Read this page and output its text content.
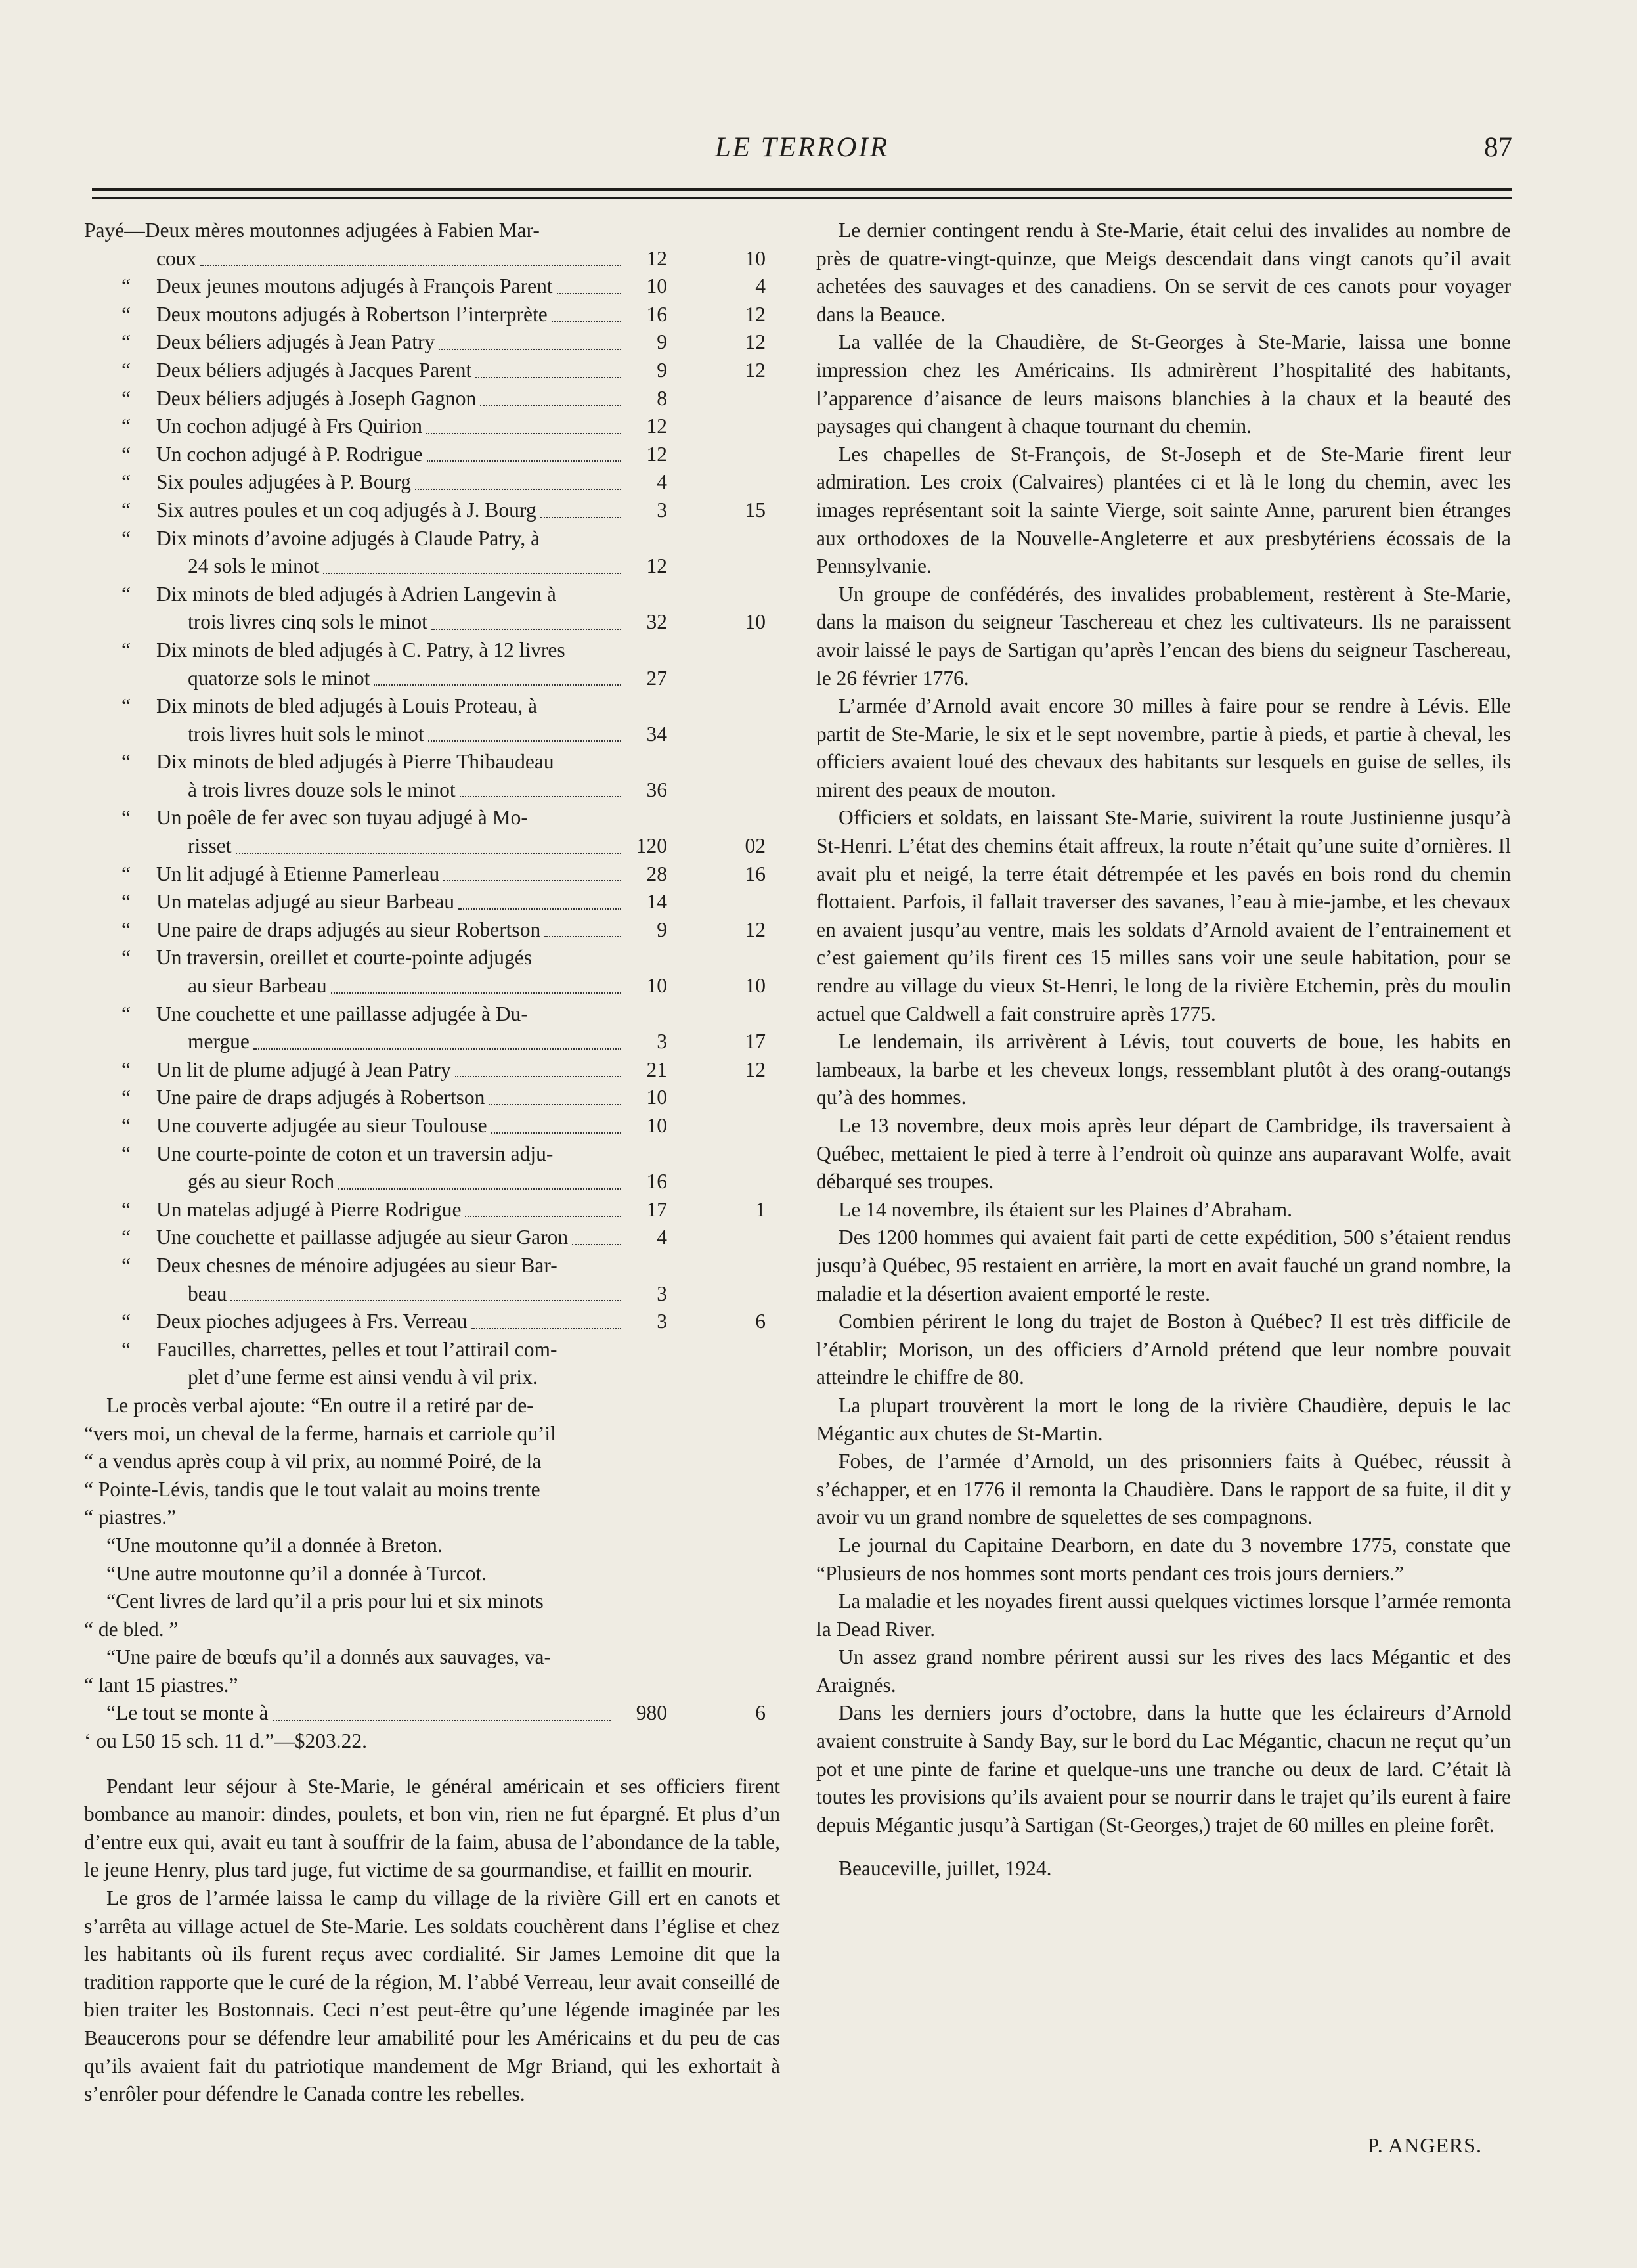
LE TERROIR	87
Payé—Deux mères moutonnes adjugées à Fabien Mar-
coux	12	10
“	Deux jeunes moutons adjugés à François Parent	10	4
“	Deux moutons adjugés à Robertson l’interprète	16	12
“	Deux béliers adjugés à Jean Patry	9	12
“	Deux béliers adjugés à Jacques Parent	9	12
“	Deux béliers adjugés à Joseph Gagnon	8
“	Un cochon adjugé à Frs Quirion	12
“	Un cochon adjugé à P. Rodrigue	12
“	Six poules adjugées à P. Bourg	4
“	Six autres poules et un coq adjugés à J. Bourg	3	15
“	Dix minots d’avoine adjugés à Claude Patry, à
24 sols le minot	12
“	Dix minots de bled adjugés à Adrien Langevin à
trois livres cinq sols le minot	32	10
“	Dix minots de bled adjugés à C. Patry, à 12 livres
quatorze sols le minot	27
“	Dix minots de bled adjugés à Louis Proteau, à
trois livres huit sols le minot	34
“	Dix minots de bled adjugés à Pierre Thibaudeau
à trois livres douze sols le minot	36
“	Un poêle de fer avec son tuyau adjugé à Mo-
risset	120	02
“	Un lit adjugé à Etienne Pamerleau	28	16
“	Un matelas adjugé au sieur Barbeau	14
“	Une paire de draps adjugés au sieur Robertson	9	12
“	Un traversin, oreillet et courte-pointe adjugés
au sieur Barbeau	10	10
“	Une couchette et une paillasse adjugée à Du-
mergue	3	17
“	Un lit de plume adjugé à Jean Patry	21	12
“	Une paire de draps adjugés à Robertson	10
“	Une couverte adjugée au sieur Toulouse	10
“	Une courte-pointe de coton et un traversin adju-
gés au sieur Roch	16
“	Un matelas adjugé à Pierre Rodrigue	17	1
“	Une couchette et paillasse adjugée au sieur Garon	4
“	Deux chesnes de ménoire adjugées au sieur Bar-
beau	3
“	Deux pioches adjugees à Frs. Verreau	3	6
“	Faucilles, charrettes, pelles et tout l’attirail com-
plet d’une ferme est ainsi vendu à vil prix.
Le procès verbal ajoute: “En outre il a retiré par de-
“vers moi, un cheval de la ferme, harnais et carriole qu’il
“ a vendus après coup à vil prix, au nommé Poiré, de la
“ Pointe-Lévis, tandis que le tout valait au moins trente
“ piastres.”
“Une moutonne qu’il a donnée à Breton.
“Une autre moutonne qu’il a donnée à Turcot.
“Cent livres de lard qu’il a pris pour lui et six minots
“ de bled. ”
“Une paire de bœufs qu’il a donnés aux sauvages, va-
“ lant 15 piastres.”
“Le tout se monte à	980	6
‘ ou L50 15 sch. 11 d.”—$203.22.

Pendant leur séjour à Ste-Marie, le général américain et ses officiers firent bombance au manoir: dindes, poulets, et bon vin, rien ne fut épargné. Et plus d’un d’entre eux qui, avait eu tant à souffrir de la faim, abusa de l’abondance de la table, le jeune Henry, plus tard juge, fut victime de sa gourmandise, et faillit en mourir.

Le gros de l’armée laissa le camp du village de la rivière Gill ert en canots et s’arrêta au village actuel de Ste-Marie. Les soldats couchèrent dans l’église et chez les habitants où ils furent reçus avec cordialité. Sir James Lemoine dit que la tradition rapporte que le curé de la région, M. l’abbé Verreau, leur avait conseillé de bien traiter les Bostonnais. Ceci n’est peut-être qu’une légende imaginée par les Beaucerons pour se défendre leur amabilité pour les Américains et du peu de cas qu’ils avaient fait du patriotique mandement de Mgr Briand, qui les exhortait à s’enrôler pour défendre le Canada contre les rebelles.

Le dernier contingent rendu à Ste-Marie, était celui des invalides au nombre de près de quatre-vingt-quinze, que Meigs descendait dans vingt canots qu’il avait achetées des sauvages et des canadiens. On se servit de ces canots pour voyager dans la Beauce.

La vallée de la Chaudière, de St-Georges à Ste-Marie, laissa une bonne impression chez les Américains. Ils admirèrent l’hospitalité des habitants, l’apparence d’aisance de leurs maisons blanchies à la chaux et la beauté des paysages qui changent à chaque tournant du chemin.

Les chapelles de St-François, de St-Joseph et de Ste-Marie firent leur admiration. Les croix (Calvaires) plantées ci et là le long du chemin, avec les images représentant soit la sainte Vierge, soit sainte Anne, parurent bien étranges aux orthodoxes de la Nouvelle-Angleterre et aux presbytériens écossais de la Pennsylvanie.

Un groupe de confédérés, des invalides probablement, restèrent à Ste-Marie, dans la maison du seigneur Taschereau et chez les cultivateurs. Ils ne paraissent avoir laissé le pays de Sartigan qu’après l’encan des biens du seigneur Taschereau, le 26 février 1776.

L’armée d’Arnold avait encore 30 milles à faire pour se rendre à Lévis. Elle partit de Ste-Marie, le six et le sept novembre, partie à pieds, et partie à cheval, les officiers avaient loué des chevaux des habitants sur lesquels en guise de selles, ils mirent des peaux de mouton.

Officiers et soldats, en laissant Ste-Marie, suivirent la route Justinienne jusqu’à St-Henri. L’état des chemins était affreux, la route n’était qu’une suite d’ornières. Il avait plu et neigé, la terre était détrempée et les pavés en bois rond du chemin flottaient. Parfois, il fallait traverser des savanes, l’eau à mie-jambe, et les chevaux en avaient jusqu’au ventre, mais les soldats d’Arnold avaient de l’entrainement et c’est gaiement qu’ils firent ces 15 milles sans voir une seule habitation, pour se rendre au village du vieux St-Henri, le long de la rivière Etchemin, près du moulin actuel que Caldwell a fait construire après 1775.

Le lendemain, ils arrivèrent à Lévis, tout couverts de boue, les habits en lambeaux, la barbe et les cheveux longs, ressemblant plutôt à des orang-outangs qu’à des hommes.

Le 13 novembre, deux mois après leur départ de Cambridge, ils traversaient à Québec, mettaient le pied à terre à l’endroit où quinze ans auparavant Wolfe, avait débarqué ses troupes.

Le 14 novembre, ils étaient sur les Plaines d’Abraham.

Des 1200 hommes qui avaient fait parti de cette expédition, 500 s’étaient rendus jusqu’à Québec, 95 restaient en arrière, la mort en avait fauché un grand nombre, la maladie et la désertion avaient emporté le reste.

Combien périrent le long du trajet de Boston à Québec? Il est très difficile de l’établir; Morison, un des officiers d’Arnold prétend que leur nombre pouvait atteindre le chiffre de 80.

La plupart trouvèrent la mort le long de la rivière Chaudière, depuis le lac Mégantic aux chutes de St-Martin.

Fobes, de l’armée d’Arnold, un des prisonniers faits à Québec, réussit à s’échapper, et en 1776 il remonta la Chaudière. Dans le rapport de sa fuite, il dit y avoir vu un grand nombre de squelettes de ses compagnons.

Le journal du Capitaine Dearborn, en date du 3 novembre 1775, constate que “Plusieurs de nos hommes sont morts pendant ces trois jours derniers.”

La maladie et les noyades firent aussi quelques victimes lorsque l’armée remonta la Dead River.

Un assez grand nombre périrent aussi sur les rives des lacs Mégantic et des Araignés.

Dans les derniers jours d’octobre, dans la hutte que les éclaireurs d’Arnold avaient construite à Sandy Bay, sur le bord du Lac Mégantic, chacun ne reçut qu’un pot et une pinte de farine et quelque-uns une tranche ou deux de lard. C’était là toutes les provisions qu’ils avaient pour se nourrir dans le trajet qu’ils eurent à faire depuis Mégantic jusqu’à Sartigan (St-Georges,) trajet de 60 milles en pleine forêt.

Beauceville, juillet, 1924.
P. ANGERS.
